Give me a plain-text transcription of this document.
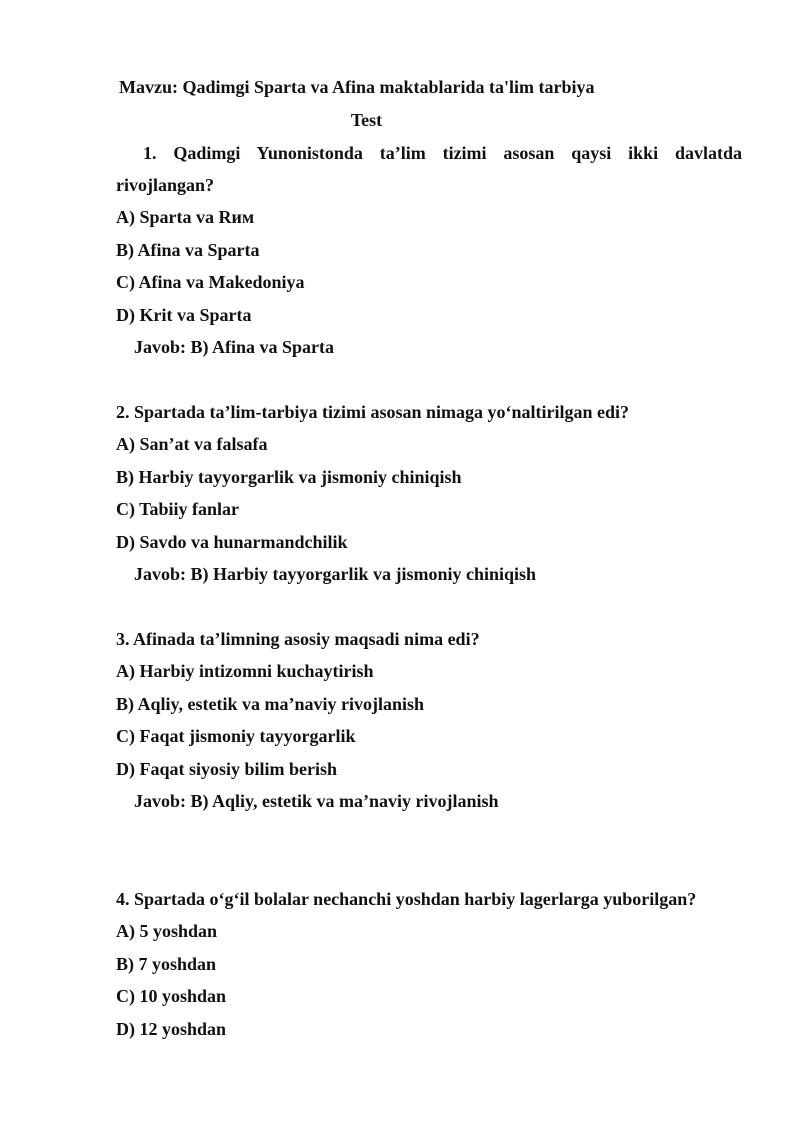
Mavzu: Qadimgi Sparta va Afina maktablarida ta'lim tarbiya
Test
1. Qadimgi Yunonistonda ta’lim tizimi asosan qaysi ikki davlatda
rivojlangan?
A) Sparta va Rим
B) Afina va Sparta
C) Afina va Makedoniya
D) Krit va Sparta
Javob: B) Afina va Sparta
2. Spartada ta’lim-tarbiya tizimi asosan nimaga yo‘naltirilgan edi?
A) San’at va falsafa
B) Harbiy tayyorgarlik va jismoniy chiniqish
C) Tabiiy fanlar
D) Savdo va hunarmandchilik
Javob: B) Harbiy tayyorgarlik va jismoniy chiniqish
3. Afinada ta’limning asosiy maqsadi nima edi?
A) Harbiy intizomni kuchaytirish
B) Aqliy, estetik va ma’naviy rivojlanish
C) Faqat jismoniy tayyorgarlik
D) Faqat siyosiy bilim berish
Javob: B) Aqliy, estetik va ma’naviy rivojlanish
4. Spartada o‘g‘il bolalar nechanchi yoshdan harbiy lagerlarga yuborilgan?
A) 5 yoshdan
B) 7 yoshdan
C) 10 yoshdan
D) 12 yoshdan
